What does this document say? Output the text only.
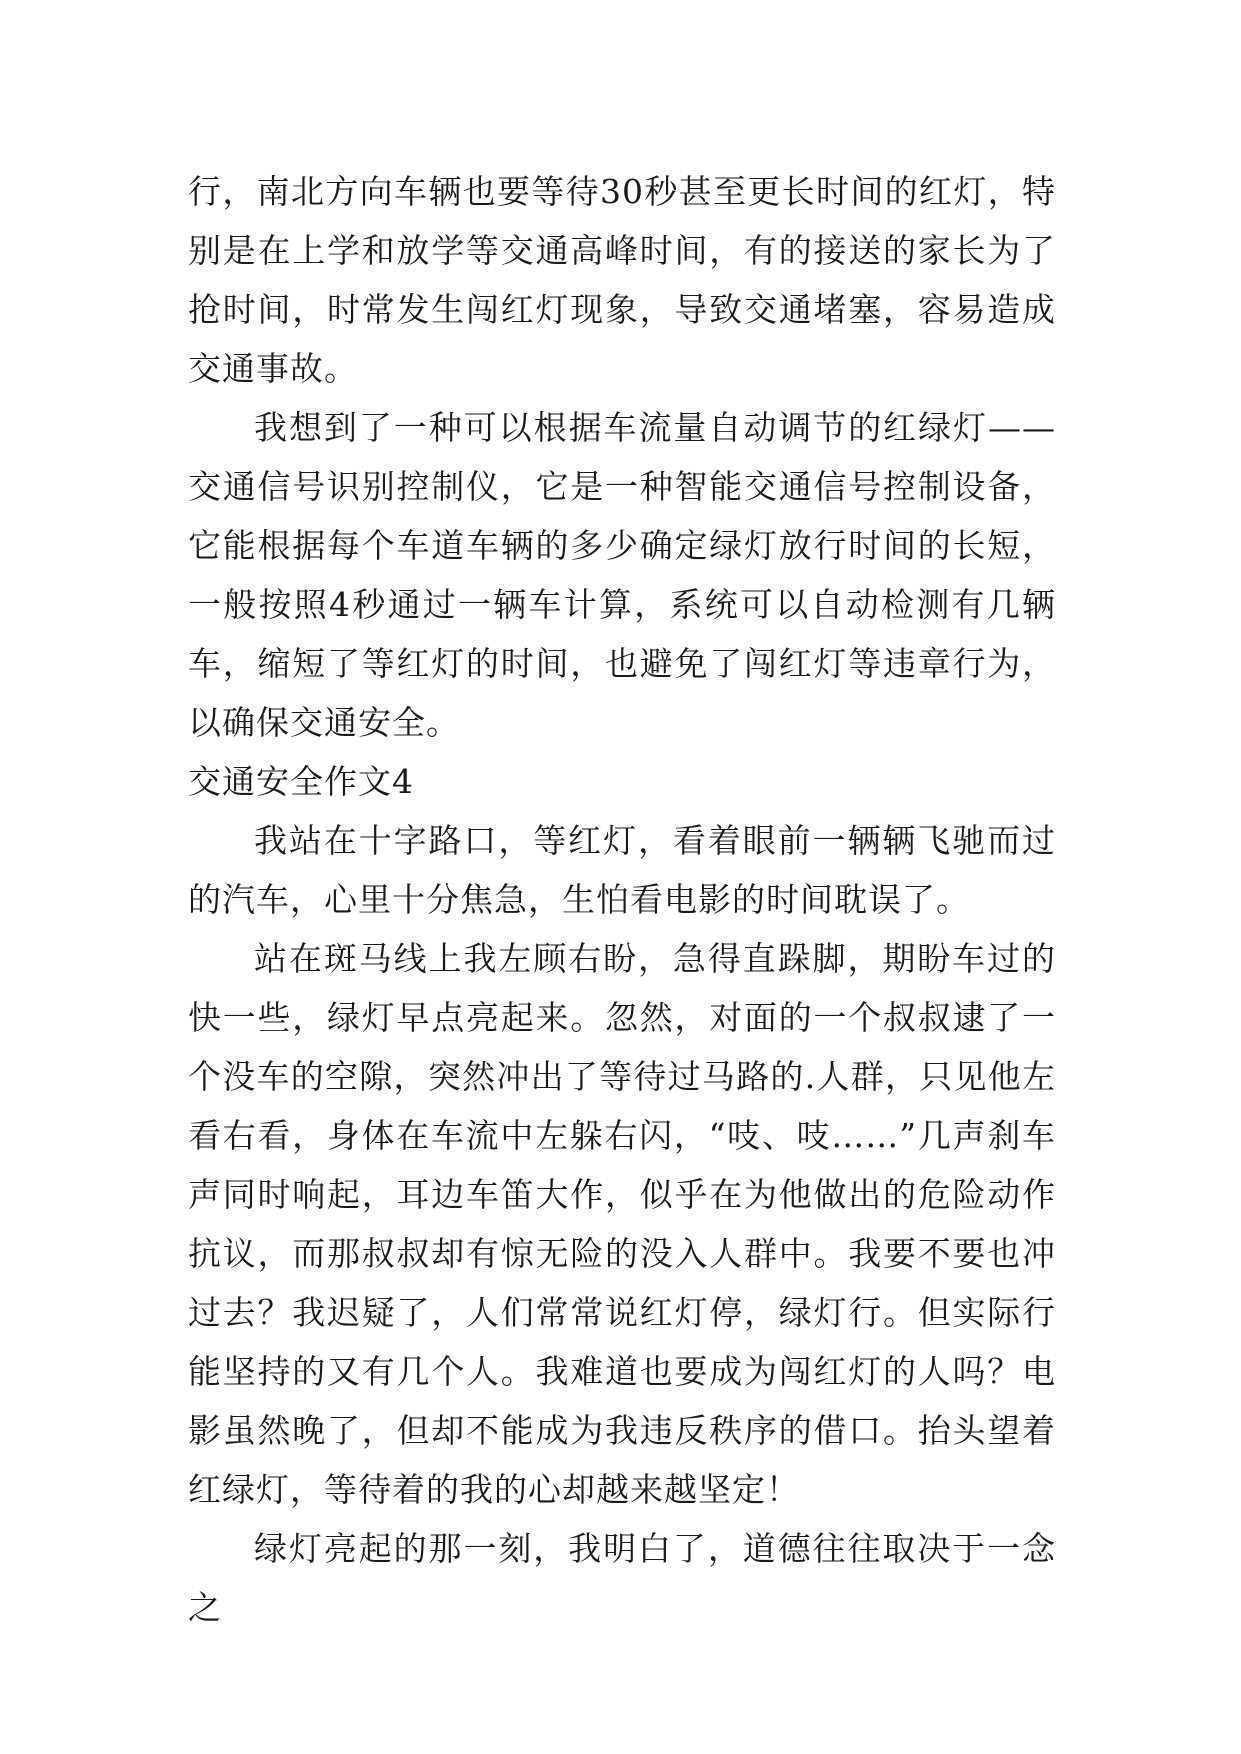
行，南北方向车辆也要等待30秒甚至更长时间的红灯，特别是在上学和放学等交通高峰时间，有的接送的家长为了抢时间，时常发生闯红灯现象，导致交通堵塞，容易造成交通事故。

我想到了一种可以根据车流量自动调节的红绿灯——交通信号识别控制仪，它是一种智能交通信号控制设备，它能根据每个车道车辆的多少确定绿灯放行时间的长短，一般按照4秒通过一辆车计算，系统可以自动检测有几辆车，缩短了等红灯的时间，也避免了闯红灯等违章行为，以确保交通安全。

交通安全作文4

我站在十字路口，等红灯，看着眼前一辆辆飞驰而过的汽车，心里十分焦急，生怕看电影的时间耽误了。

站在斑马线上我左顾右盼，急得直跺脚，期盼车过的快一些，绿灯早点亮起来。忽然，对面的一个叔叔逮了一个没车的空隙，突然冲出了等待过马路的.人群，只见他左看右看，身体在车流中左躲右闪，“吱、吱……”几声刹车声同时响起，耳边车笛大作，似乎在为他做出的危险动作抗议，而那叔叔却有惊无险的没入人群中。我要不要也冲过去？我迟疑了，人们常常说红灯停，绿灯行。但实际行能坚持的又有几个人。我难道也要成为闯红灯的人吗？电影虽然晚了，但却不能成为我违反秩序的借口。抬头望着红绿灯，等待着的我的心却越来越坚定！

绿灯亮起的那一刻，我明白了，道德往往取决于一念之
